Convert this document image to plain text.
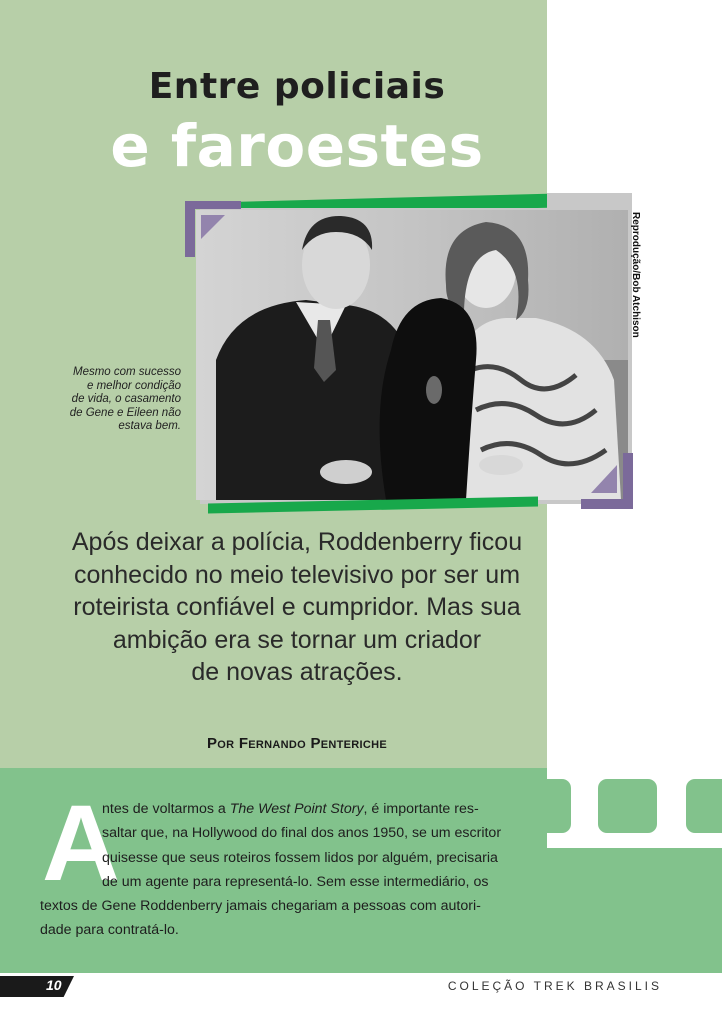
Entre policiais
e faroestes
Reprodução/Bob Atchison
Mesmo com sucesso
e melhor condição
de vida, o casamento
de Gene e Eileen não
estava bem.
Após deixar a polícia, Roddenberry ficou
conhecido no meio televisivo por ser um
roteirista confiável e cumpridor. Mas sua
ambição era se tornar um criador
de novas atrações.
Por Fernando Penteriche
A
ntes de voltarmos a The West Point Story, é importante res-
saltar que, na Hollywood do final dos anos 1950, se um escritor
quisesse que seus roteiros fossem lidos por alguém, precisaria
de um agente para representá-lo. Sem esse intermediário, os
textos de Gene Roddenberry jamais chegariam a pessoas com autori-
dade para contratá-lo.
10	COLEÇÃO TREK BRASILIS
